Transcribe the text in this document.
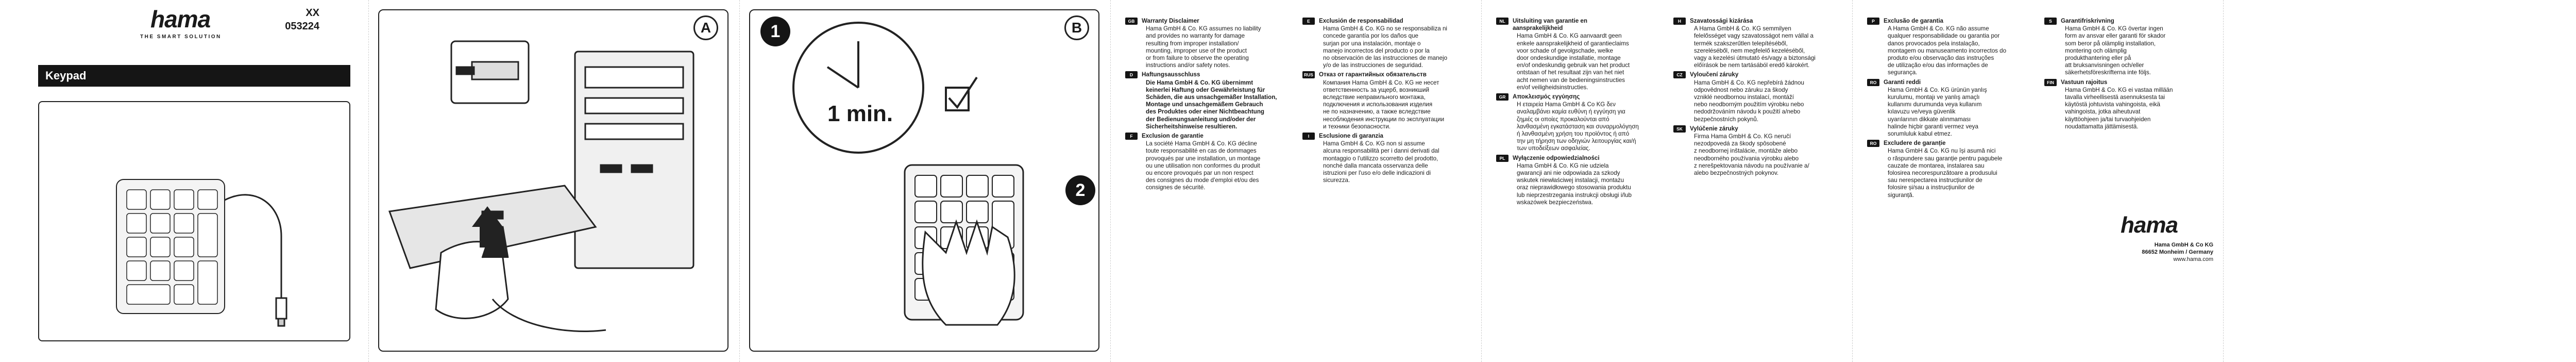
hama
THE SMART SOLUTION
XX
053224
Keypad
A	B
1
2
1 min.
GB	Warranty Disclaimer
Hama GmbH & Co. KG assumes no liability
and provides no warranty for damage
resulting from improper installation/
mounting, improper use of the product
or from failure to observe the operating
instructions and/or safety notes.
D	Haftungsausschluss
Die Hama GmbH & Co. KG übernimmt
keinerlei Haftung oder Gewährleistung für
Schäden, die aus unsachgemäßer Installation,
Montage und unsachgemäßem Gebrauch
des Produktes oder einer Nichtbeachtung
der Bedienungsanleitung und/oder der
Sicherheitshinweise resultieren.
F	Exclusion de garantie
La société Hama GmbH & Co. KG décline
toute responsabilité en cas de dommages
provoqués par une installation, un montage
ou une utilisation non conformes du produit
ou encore provoqués par un non respect
des consignes du mode d'emploi et/ou des
consignes de sécurité.
E	Exclusión de responsabilidad
Hama GmbH & Co. KG no se responsabiliza ni
concede garantía por los daños que
surjan por una instalación, montaje o
manejo incorrectos del producto o por la
no observación de las instrucciones de manejo
y/o de las instrucciones de seguridad.
RUS Отказ от гарантийных обязательств
Компания Hama GmbH & Co. KG не несет
ответственность за ущерб, возникший
вследствие неправильного монтажа,
подключения и использования изделия
не по назначению, а также вследствие
несоблюдения инструкции по эксплуатации
и техники безопасности.
I	Esclusione di garanzia
Hama GmbH & Co. KG non si assume
alcuna responsabilità per i danni derivati dal
montaggio o l'utilizzo scorretto del prodotto,
nonché dalla mancata osservanza delle
istruzioni per l'uso e/o delle indicazioni di
sicurezza.
NL	Uitsluiting van garantie en
aansprakelijkheid
Hama GmbH & Co. KG aanvaardt geen
enkele aansprakelijkheid of garantieclaims
voor schade of gevolgschade, welke
door ondeskundige installatie, montage
en/of ondeskundig gebruik van het product
ontstaan of het resultaat zijn van het niet
acht nemen van de bedieningsinstructies
en/of veiligheidsinstructies.
GR	Αποκλεισμός εγγύησης
Η εταιρεία Hama GmbH & Co KG δεν
αναλαμβάνει καμία ευθύνη ή εγγύηση για
ζημιές οι οποίες προκαλούνται από
λανθασμένη εγκατάσταση και συναρμολόγηση
ή λανθασμένη χρήση του προϊόντος ή από
την μη τήρηση των οδηγιών λειτουργίας και/ή
των υποδείξεων ασφαλείας.
PL	Wyłączenie odpowiedzialności
Hama GmbH & Co. KG nie udziela
gwarancji ani nie odpowiada za szkody
wskutek niewłaściwej instalacji, montażu
oraz nieprawidłowego stosowania produktu
lub nieprzestrzegania instrukcji obsługi i/lub
wskazówek bezpieczeństwa.
H	Szavatossági kizárása
A Hama GmbH & Co. KG semmilyen
felelősséget vagy szavatosságot nem vállal a
termék szakszerűtlen telepítéséből,
szereléséből, nem megfelelő kezeléséből,
vagy a kezelési útmutató és/vagy a biztonsági
előírások be nem tartásából eredő károkért.
CZ	Vyloučení záruky
Hama GmbH & Co. KG nepřebírá žádnou
odpovědnost nebo záruku za škody
vzniklé neodbornou instalací, montáží
nebo neodborným použitím výrobku nebo
nedodržováním návodu k použití a/nebo
bezpečnostních pokynů.
SK	Vylúčenie záruky
Firma Hama GmbH & Co. KG neručí
nezodpovedá za škody spôsobené
z neodbornej inštalácie, montáže alebo
neodborného používania výrobku alebo
z nerešpektovania návodu na používanie a/
alebo bezpečnostných pokynov.
P	Exclusão de garantia
A Hama GmbH & Co. KG não assume
qualquer responsabilidade ou garantia por
danos provocados pela instalação,
montagem ou manuseamento incorrectos do
produto e/ou observação das instruções
de utilização e/ou das informações de
segurança.
RO	Garanti reddi
Hama GmbH & Co. KG ürünün yanlış
kurulumu, montajı ve yanlış amaçlı
kullanımı durumunda veya kullanım
kılavuzu ve/veya güvenlik
uyarılarının dikkate alınmaması
halinde hiçbir garanti vermez veya
sorumluluk kabul etmez.
RO	Excludere de garanție
Hama GmbH & Co. KG nu își asumă nici
o răspundere sau garanție pentru pagubele
cauzate de montarea, instalarea sau
folosirea necorespunzătoare a produsului
sau nerespectarea instrucțiunilor de
folosire și/sau a instrucțiunilor de
siguranță.
S	Garantifriskrivning
Hama GmbH & Co. KG övertar ingen
form av ansvar eller garanti för skador
som beror på olämplig installation,
montering och olämplig
produkthantering eller på
att bruksanvisningen och/eller
säkerhetsföreskrifterna inte följs.
FIN	Vastuun rajoitus
Hama GmbH & Co. KG ei vastaa millään
tavalla virheellisestä asennuksesta tai
käytöstä johtuvista vahingoista, eikä
vahingoista, jotka aiheutuvat
käyttöohjeen ja/tai turvaohjeiden
noudattamatta jättämisestä.
hama
Hama GmbH & Co KG
86652 Monheim / Germany
www.hama.com
